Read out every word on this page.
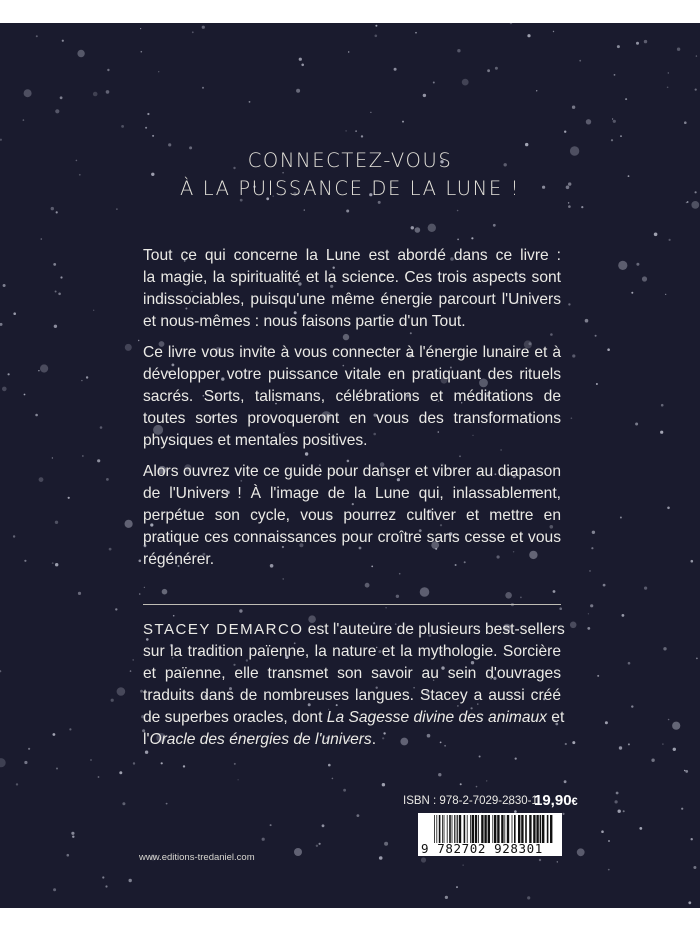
CONNECTEZ-VOUS
À LA PUISSANCE DE LA LUNE !
Tout ce qui concerne la Lune est abordé dans ce livre :
la magie, la spiritualité et la science. Ces trois aspects sont
indissociables, puisqu'une même énergie parcourt l'Univers
et nous-mêmes : nous faisons partie d'un Tout.
Ce livre vous invite à vous connecter à l'énergie lunaire et à
développer votre puissance vitale en pratiquant des rituels
sacrés. Sorts, talismans, célébrations et méditations de
toutes sortes provoqueront en vous des transformations
physiques et mentales positives.
Alors ouvrez vite ce guide pour danser et vibrer au diapason
de l'Univers ! À l'image de la Lune qui, inlassablement,
perpétue son cycle, vous pourrez cultiver et mettre en
pratique ces connaissances pour croître sans cesse et vous
régénérer.
STACEY DEMARCO est l'auteure de plusieurs best-sellers
sur la tradition païenne, la nature et la mythologie. Sorcière
et païenne, elle transmet son savoir au sein d'ouvrages
traduits dans de nombreuses langues. Stacey a aussi créé
de superbes oracles, dont La Sagesse divine des animaux et
l'Oracle des énergies de l'univers.
ISBN : 978-2-7029-2830-1
19,90€
9 782702 928301
www.editions-tredaniel.com
